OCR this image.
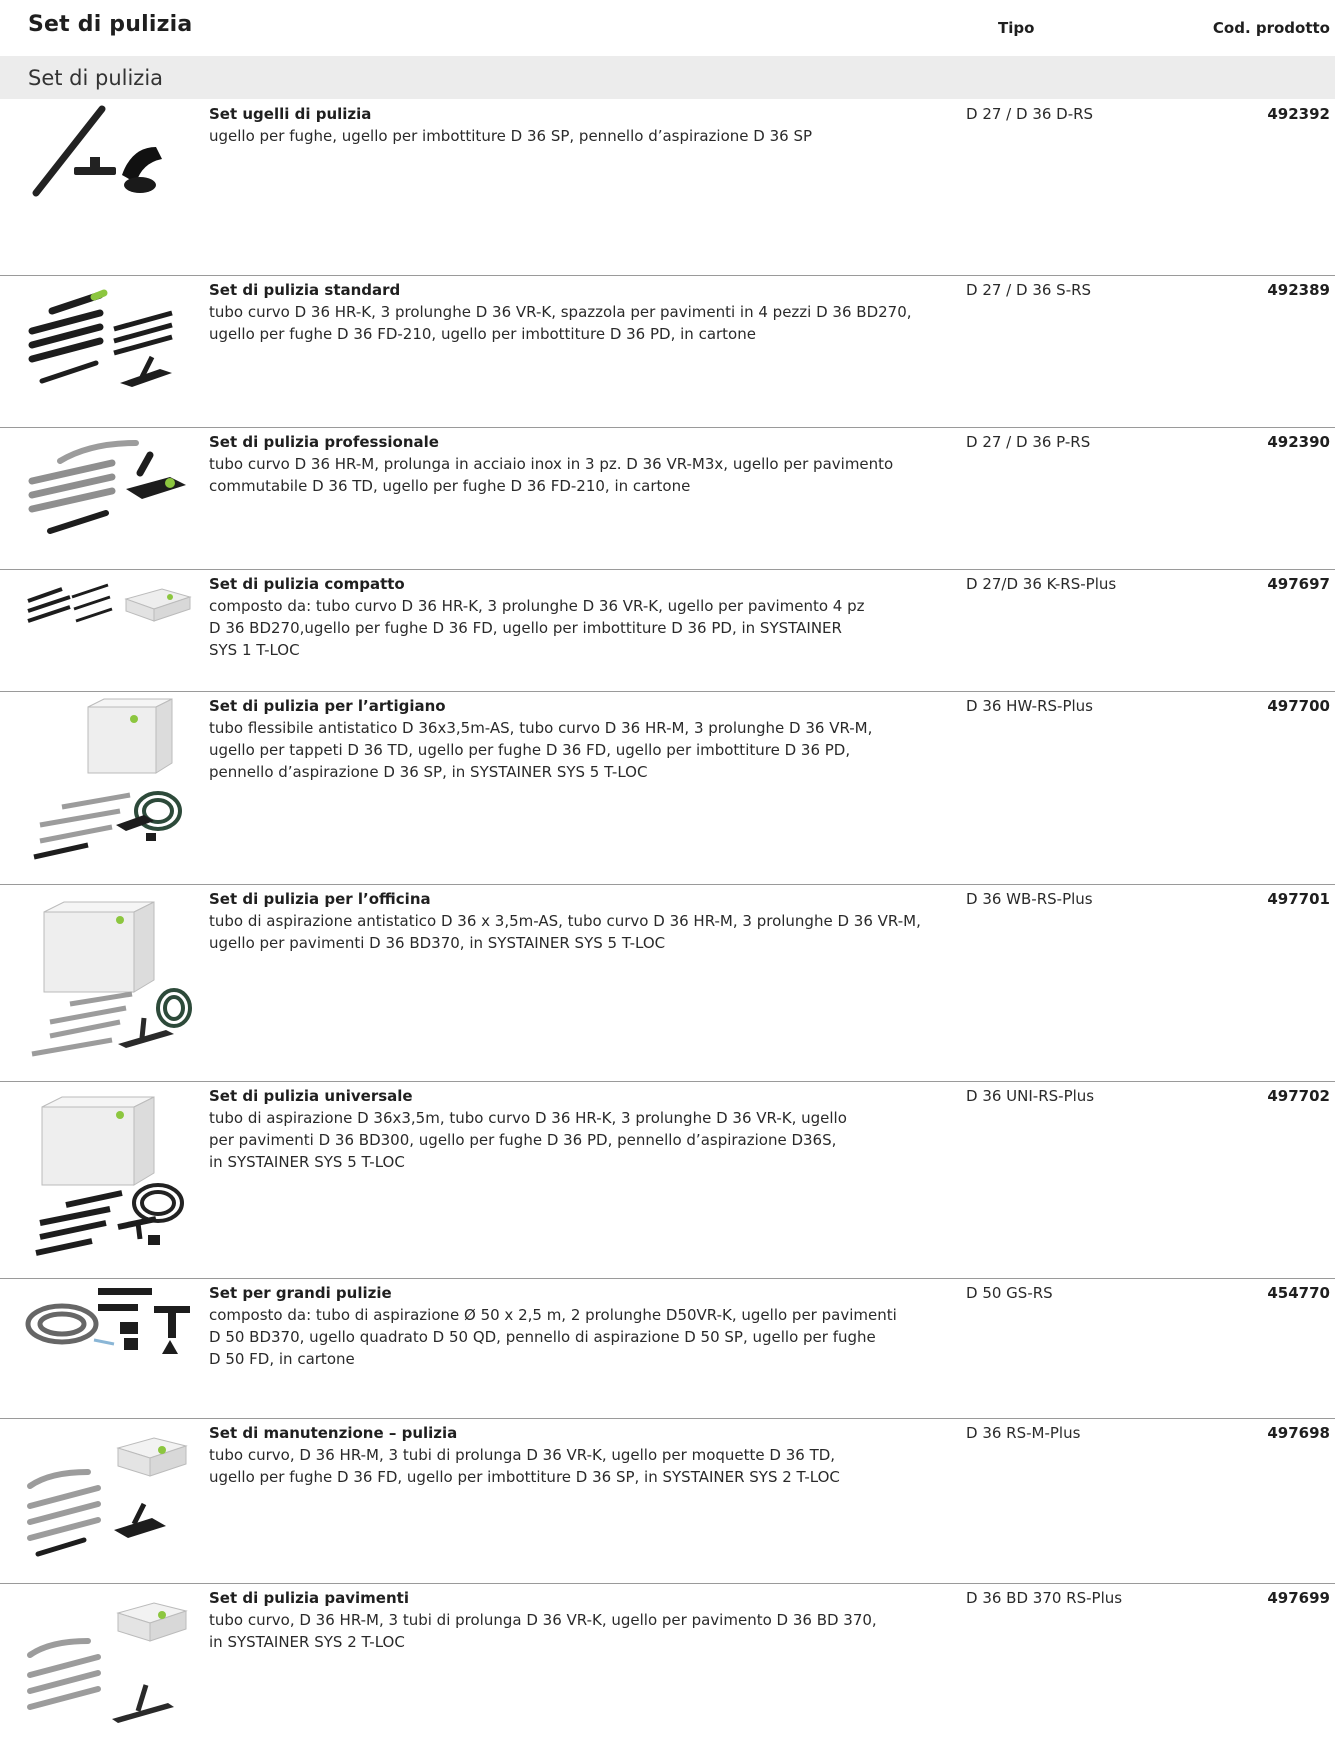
Set di pulizia	Tipo	Cod. prodotto
Set di pulizia
Set ugelli di pulizia
ugello per fughe, ugello per imbottiture D 36 SP, pennello d’aspirazione D 36 SP
D 27 / D 36 D-RS	492392
Set di pulizia standard
tubo curvo D 36 HR-K, 3 prolunghe D 36 VR-K, spazzola per pavimenti in 4 pezzi D 36 BD270,
ugello per fughe D 36 FD-210, ugello per imbottiture D 36 PD, in cartone
D 27 / D 36 S-RS	492389
Set di pulizia professionale
tubo curvo D 36 HR-M, prolunga in acciaio inox in 3 pz. D 36 VR-M3x, ugello per pavimento
commutabile D 36 TD, ugello per fughe D 36 FD-210, in cartone
D 27 / D 36 P-RS	492390
Set di pulizia compatto
composto da: tubo curvo D 36 HR-K, 3 prolunghe D 36 VR-K, ugello per pavimento 4 pz
D 36 BD270,ugello per fughe D 36 FD, ugello per imbottiture D 36 PD, in SYSTAINER
SYS 1 T-LOC
D 27/D 36 K-RS-Plus	497697
Set di pulizia per l’artigiano
tubo flessibile antistatico D 36x3,5m-AS, tubo curvo D 36 HR-M, 3 prolunghe D 36 VR-M,
ugello per tappeti D 36 TD, ugello per fughe D 36 FD, ugello per imbottiture D 36 PD,
pennello d’aspirazione D 36 SP, in SYSTAINER SYS 5 T-LOC
D 36 HW-RS-Plus	497700
Set di pulizia per l’officina
tubo di aspirazione antistatico D 36 x 3,5m-AS, tubo curvo D 36 HR-M, 3 prolunghe D 36 VR-M,
ugello per pavimenti D 36 BD370, in SYSTAINER SYS 5 T-LOC
D 36 WB-RS-Plus	497701
Set di pulizia universale
tubo di aspirazione D 36x3,5m, tubo curvo D 36 HR-K, 3 prolunghe D 36 VR-K, ugello
per pavimenti D 36 BD300, ugello per fughe D 36 PD, pennello d’aspirazione D36S,
in SYSTAINER SYS 5 T-LOC
D 36 UNI-RS-Plus	497702
Set per grandi pulizie
composto da: tubo di aspirazione Ø 50 x 2,5 m, 2 prolunghe D50VR-K, ugello per pavimenti
D 50 BD370, ugello quadrato D 50 QD, pennello di aspirazione D 50 SP, ugello per fughe
D 50 FD, in cartone
D 50 GS-RS	454770
Set di manutenzione – pulizia
tubo curvo, D 36 HR-M, 3 tubi di prolunga D 36 VR-K, ugello per moquette D 36 TD,
ugello per fughe D 36 FD, ugello per imbottiture D 36 SP, in SYSTAINER SYS 2 T-LOC
D 36 RS-M-Plus	497698
Set di pulizia pavimenti
tubo curvo, D 36 HR-M, 3 tubi di prolunga D 36 VR-K, ugello per pavimento D 36 BD 370,
in SYSTAINER SYS 2 T-LOC
D 36 BD 370 RS-Plus	497699
